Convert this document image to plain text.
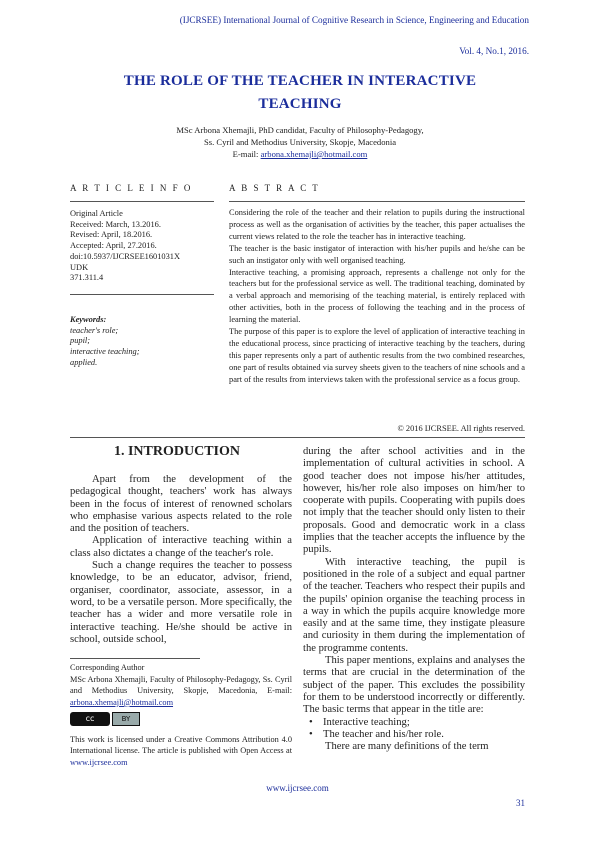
(IJCRSEE) International Journal of Cognitive Research in Science, Engineering and Education
Vol. 4, No.1, 2016.
THE ROLE OF THE TEACHER IN INTERACTIVE
TEACHING
MSc Arbona Xhemajli, PhD candidat, Faculty of Philosophy-Pedagogy,
Ss. Cyril and Methodius University, Skopje, Macedonia
E-mail: arbona.xhemajli@hotmail.com
A R T I C L E I N F O
Original Article
Received: March, 13.2016.
Revised: April, 18.2016.
Accepted: April, 27.2016.
doi:10.5937/IJCRSEE1601031X
UDK
371.311.4
Keywords:
teacher's role;
pupil;
interactive teaching;
applied.
A B S T R A C T

Considering the role of the teacher and their relation to pupils during the instructional process as well as the organisation of activities by the teacher, this paper actualises the current views related to the role the teacher has in interactive teaching.

The teacher is the basic instigator of interaction with his/her pupils and he/she can be such an instigator only with well organised teaching.

Interactive teaching, a promising approach, represents a challenge not only for the teachers but for the professional service as well. The traditional teaching, dominated by a verbal approach and memorising of the teaching material, is entirely replaced with other activities, both in the process of following the teaching and in the process of learning the material.

The purpose of this paper is to explore the level of application of interactive teaching in the educational process, since practicing of interactive teaching by the teachers, during this paper represents only a part of authentic results from the two combined researches, one part of results obtained via survey sheets given to the teachers of nine schools and a part of the results from interviews taken with the professional service as a focus group.

© 2016 IJCRSEE. All rights reserved.
1. INTRODUCTION

Apart from the development of the pedagogical thought, teachers' work has always been in the focus of interest of renowned scholars who emphasise various aspects related to the role and the position of teachers.

Application of interactive teaching within a class also dictates a change of the teacher's role.

Such a change requires the teacher to possess knowledge, to be an educator, advisor, friend, organiser, coordinator, associate, assessor, in a word, to be a versatile person. More specifically, the teacher has a wider and more versatile role in interactive teaching. He/she should be active in school, outside school,

Corresponding Author
MSc Arbona Xhemajli, Faculty of Philosophy-Pedagogy, Ss. Cyril and Methodius University, Skopje, Macedonia, E-mail: arbona.xhemajli@hotmail.com
cc	BY
This work is licensed under a Creative Commons Attribution 4.0 International license. The article is published with Open Access at www.ijcrsee.com

during the after school activities and in the implementation of cultural activities in school. A good teacher does not impose his/her attitudes, however, his/her role also imposes on him/her to cooperate with pupils. Cooperating with pupils does not imply that the teacher should only listen to their proposals. Good and democratic work in a class implies that the teacher accepts the influence by the pupils.

With interactive teaching, the pupil is positioned in the role of a subject and equal partner of the teacher. Teachers who respect their pupils and the pupils' opinion organise the teaching process in a way in which the pupils acquire knowledge more easily and at the same time, they instigate pleasure and curiosity in them during the implementation of the programme contents.

This paper mentions, explains and analyses the terms that are crucial in the determination of the subject of the paper. This excludes the possibility for them to be understood incorrectly or differently. The basic terms that appear in the title are:

• Interactive teaching;
• The teacher and his/her role.

There are many definitions of the term

www.ijcrsee.com
31
